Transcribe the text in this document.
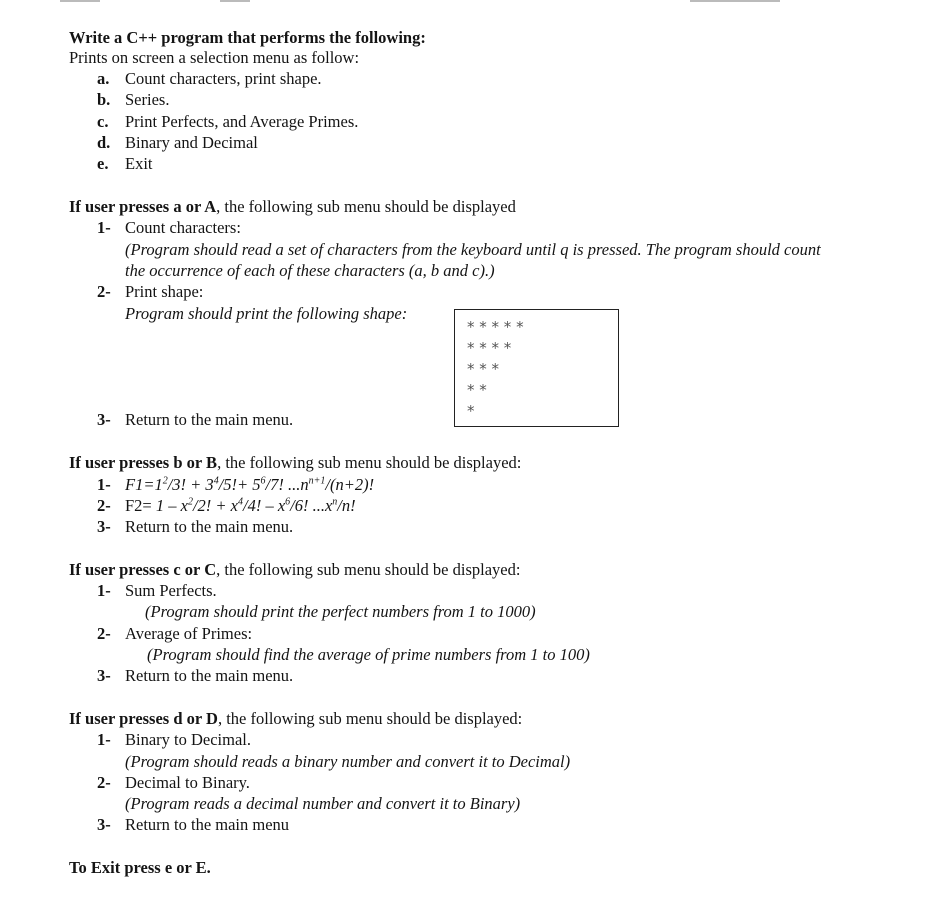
Write a C++ program that performs the following:
Prints on screen a selection menu as follow:
a. Count characters, print shape.
b. Series.
c. Print Perfects, and Average Primes.
d. Binary and Decimal
e. Exit
If user presses a or A, the following sub menu should be displayed
1- Count characters:
(Program should read a set of characters from the keyboard until q is pressed. The program should count
the occurrence of each of these characters (a, b and c).)
2- Print shape:
Program should print the following shape:
* * * * *
* * * *
* * *
* *
*
3- Return to the main menu.
If user presses b or B, the following sub menu should be displayed:
1- $F1=1^2/3$! + $3^4/5!+ 5^6/7$! $...n^{n+1}/(n+2)$!
2- $F2= 1 - x^2/2$! + $x^4/4$! – $x^6/6$! $...x^n/n$!
3- Return to the main menu.
If user presses c or C, the following sub menu should be displayed:
1- Sum Perfects.
(Program should print the perfect numbers from 1 to 1000)
2- Average of Primes:
(Program should find the average of prime numbers from 1 to 100)
3- Return to the main menu.
If user presses d or D, the following sub menu should be displayed:
1- Binary to Decimal.
(Program should reads a binary number and convert it to Decimal)
2- Decimal to Binary.
(Program reads a decimal number and convert it to Binary)
3- Return to the main menu
To Exit press e or E.
